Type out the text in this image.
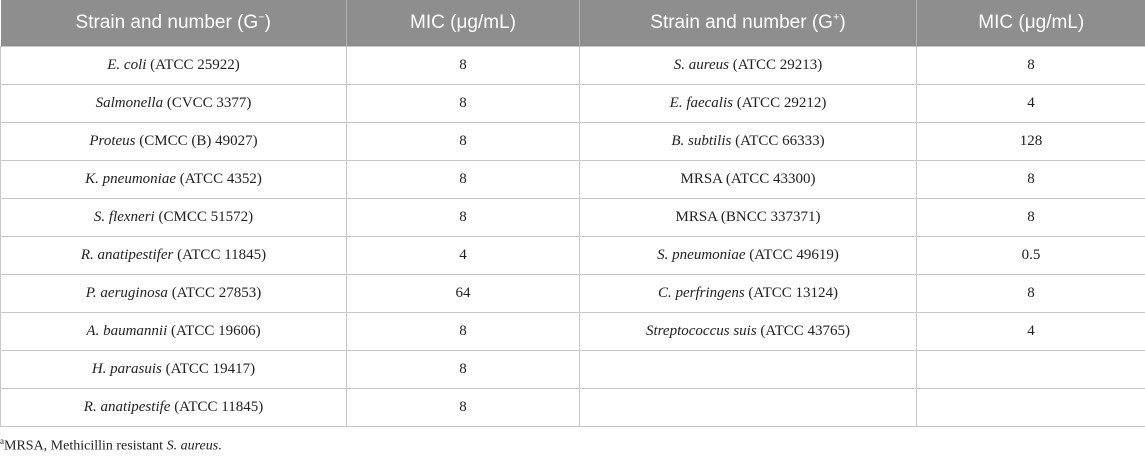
Strain and number (G−)	MIC (μg/mL)	Strain and number (G+)	MIC (μg/mL)
E. coli (ATCC 25922)	8	S. aureus (ATCC 29213)	8
Salmonella (CVCC 3377)	8	E. faecalis (ATCC 29212)	4
Proteus (CMCC (B) 49027)	8	B. subtilis (ATCC 66333)	128
K. pneumoniae (ATCC 4352)	8	MRSA (ATCC 43300)	8
S. flexneri (CMCC 51572)	8	MRSA (BNCC 337371)	8
R. anatipestifer (ATCC 11845)	4	S. pneumoniae (ATCC 49619)	0.5
P. aeruginosa (ATCC 27853)	64	C. perfringens (ATCC 13124)	8
A. baumannii (ATCC 19606)	8	Streptococcus suis (ATCC 43765)	4
H. parasuis (ATCC 19417)	8		
R. anatipestife (ATCC 11845)	8		
$^a$MRSA, Methicillin resistant S. aureus.
